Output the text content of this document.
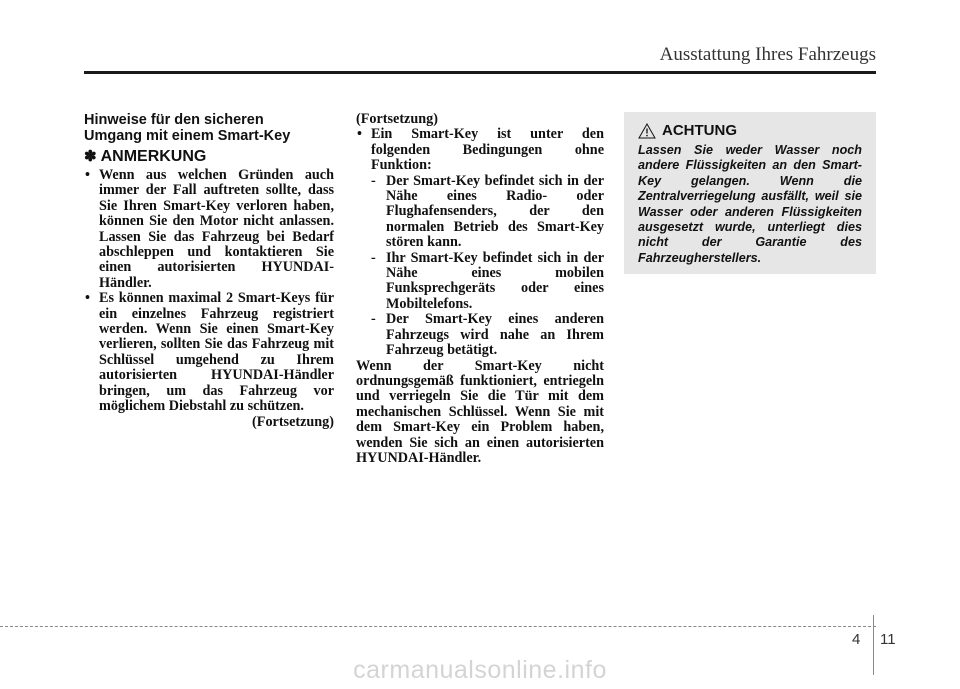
Ausstattung Ihres Fahrzeugs
Hinweise für den sicheren
Umgang mit einem Smart-Key
✽ ANMERKUNG
• Wenn aus welchen Gründen auch immer der Fall auftreten sollte, dass Sie Ihren Smart-Key verloren haben, können Sie den Motor nicht anlassen. Lassen Sie das Fahrzeug bei Bedarf abschleppen und kontaktieren Sie einen autorisierten HYUNDAI-Händler.
• Es können maximal 2 Smart-Keys für ein einzelnes Fahrzeug registriert werden. Wenn Sie einen Smart-Key verlieren, sollten Sie das Fahrzeug mit Schlüssel umgehend zu Ihrem autorisierten HYUNDAI-Händler bringen, um das Fahrzeug vor möglichem Diebstahl zu schützen.
(Fortsetzung)
(Fortsetzung)
• Ein Smart-Key ist unter den folgenden Bedingungen ohne Funktion:
- Der Smart-Key befindet sich in der Nähe eines Radio- oder Flughafensenders, der den normalen Betrieb des Smart-Key stören kann.
- Ihr Smart-Key befindet sich in der Nähe eines mobilen Funksprechgeräts oder eines Mobiltelefons.
- Der Smart-Key eines anderen Fahrzeugs wird nahe an Ihrem Fahrzeug betätigt.
Wenn der Smart-Key nicht ordnungsgemäß funktioniert, entriegeln und verriegeln Sie die Tür mit dem mechanischen Schlüssel. Wenn Sie mit dem Smart-Key ein Problem haben, wenden Sie sich an einen autorisierten HYUNDAI-Händler.
ACHTUNG
Lassen Sie weder Wasser noch andere Flüssigkeiten an den Smart-Key gelangen. Wenn die Zentralverriegelung ausfällt, weil sie Wasser oder anderen Flüssigkeiten ausgesetzt wurde, unterliegt dies nicht der Garantie des Fahrzeugherstellers.
4 11
carmanualsonline.info
